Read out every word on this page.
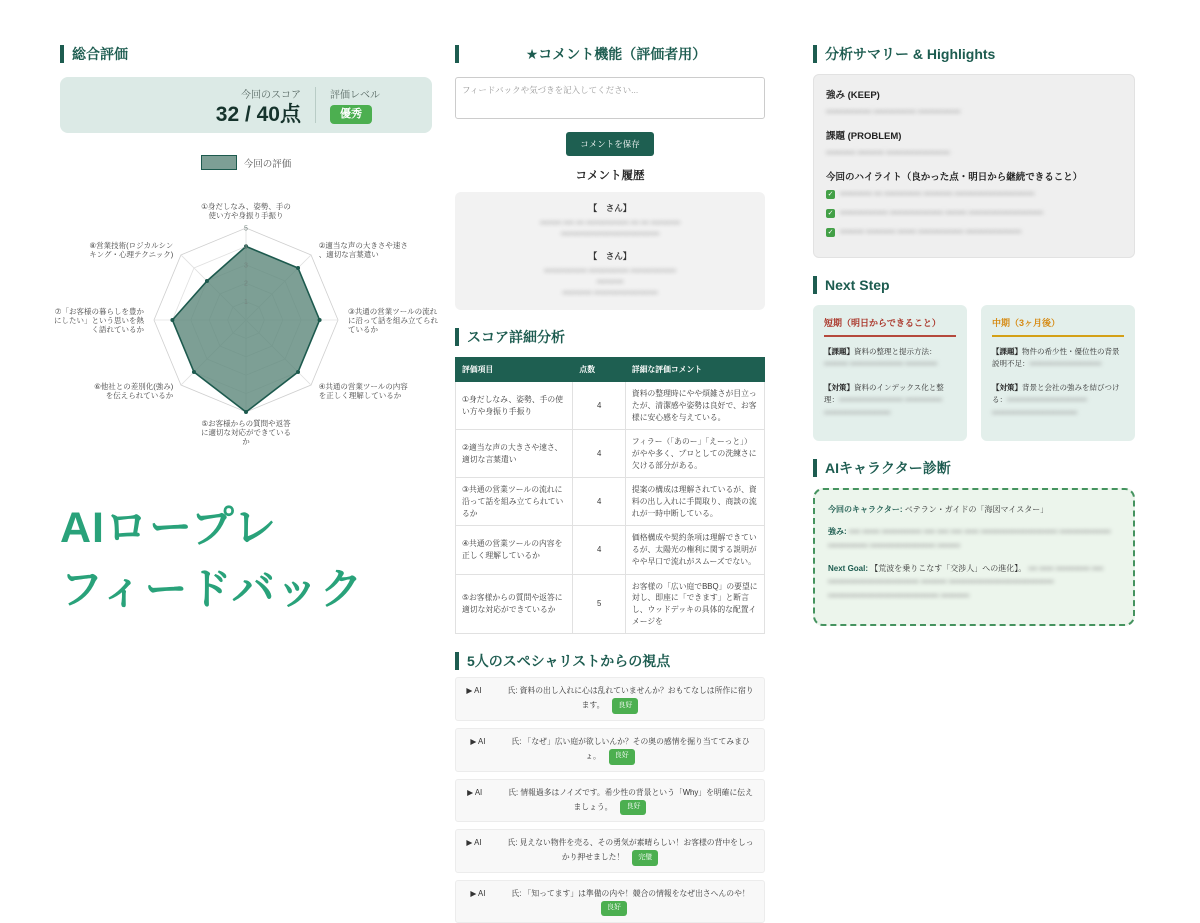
総合評価
今回のスコア
32 / 40点
評価レベル
優秀
今回の評価
1
2
3
4
5
①身だしなみ、姿勢、手の使い方や身振り手振り
②適当な声の大きさや速さ、適切な言葉遣い
③共通の営業ツールの流れに沿って話を組み立てられているか
④共通の営業ツールの内容を正しく理解しているか
⑤お客様からの質問や返答に適切な対応ができているか
⑥他社との差別化(強み)を伝えられているか
⑦「お客様の暮らしを豊かにしたい」という思いを熱く語れているか
⑧営業技術(ロジカルシンキング・心理テクニック)
AIロープレ
フィードバック
★コメント機能（評価者用）
フィードバックや気づきを記入してください...
コメントを保存
コメント履歴
【　さん】
▪▪▪▪▪▪▪▪ ▪▪▪▪ ▪▪▪ ▪▪▪▪▪▪▪▪▪▪▪▪▪▪▪▪ ▪▪▪ ▪▪▪ ▪▪▪▪▪▪▪▪▪▪▪
▪▪▪▪▪▪▪▪▪▪▪▪▪▪▪▪▪▪▪▪▪▪▪▪▪▪▪▪▪▪▪▪▪▪▪▪▪
【　さん】
▪▪▪▪▪▪▪▪▪▪▪▪▪▪▪▪ ▪▪▪▪▪▪▪▪▪▪▪▪▪▪▪ ▪▪▪▪▪▪▪▪▪▪▪▪▪▪▪▪▪
▪▪▪▪▪▪▪▪▪▪
▪▪▪▪▪▪▪▪▪▪▪ ▪▪▪▪▪▪▪▪▪▪▪▪▪▪▪▪▪▪▪▪▪▪▪▪
スコア詳細分析
評価項目	点数	詳細な評価コメント
①身だしなみ、姿勢、手の使い方や身振り手振り	4	資料の整理時にやや煩雑さが目立ったが、清潔感や姿勢は良好で、お客様に安心感を与えている。
②適当な声の大きさや速さ、適切な言葉遣い	4	フィラー（「あのー」「えーっと」）がやや多く、プロとしての洗練さに欠ける部分がある。
③共通の営業ツールの流れに沿って話を組み立てられているか	4	提案の構成は理解されているが、資料の出し入れに手間取り、商談の流れが一時中断している。
④共通の営業ツールの内容を正しく理解しているか	4	価格構成や契約条項は理解できているが、太陽光の権利に関する説明がやや早口で流れがスムーズでない。
⑤お客様からの質問や返答に適切な対応ができているか	5	お客様の「広い庭でBBQ」の要望に対し、即座に「できます」と断言し、ウッドデッキの具体的な配置イメージを
5人のスペシャリストからの視点
▶ AI	氏: 資料の出し入れに心は乱れていませんか？おもてなしは所作に宿ります。 良好
▶ AI	氏: 「なぜ」広い庭が欲しいんか？その奥の感情を掘り当ててみまひょ。 良好
▶ AI	氏: 情報過多はノイズです。希少性の背景という「Why」を明確に伝えましょう。 良好
▶ AI	氏: 見えない物件を売る、その勇気が素晴らしい！お客様の背中をしっかり押せました！ 完璧
▶ AI	氏: 「知ってます」は準備の内や！競合の情報をなぜ出さへんのや！良好
分析サマリー & Highlights
強み (KEEP)
▪▪▪▪▪▪▪▪▪▪▪▪▪▪▪▪▪ ▪▪▪▪▪▪▪▪▪▪▪▪▪▪▪▪ ▪▪▪▪▪▪▪▪▪▪▪▪▪▪▪▪
課題 (PROBLEM)
▪▪▪▪▪▪▪▪▪▪▪ ▪▪▪▪▪▪▪▪▪▪ ▪▪▪▪▪▪▪▪▪▪▪▪▪▪▪▪▪▪▪▪▪▪▪▪
今回のハイライト（良かった点・明日から継続できること）
✓ ▪▪▪▪▪▪▪▪▪▪▪▪ ▪▪▪ ▪▪▪▪▪▪▪▪▪▪▪▪▪▪ ▪▪▪▪▪▪▪▪▪▪▪ ▪▪▪▪▪▪▪▪▪▪▪▪▪▪▪▪▪▪▪▪▪▪▪▪▪▪▪▪▪▪
✓ ▪▪▪▪▪▪▪▪▪▪▪▪▪▪▪▪▪▪ ▪▪▪▪▪▪▪▪▪▪▪▪▪▪▪▪▪▪▪▪ ▪▪▪▪▪▪▪▪ ▪▪▪▪▪▪▪▪▪▪▪▪▪▪▪▪▪▪▪▪▪▪▪▪▪▪▪▪
✓ ▪▪▪▪▪▪▪▪▪ ▪▪▪▪▪▪▪▪▪▪▪ ▪▪▪▪▪▪▪ ▪▪▪▪▪▪▪▪▪▪▪▪▪▪▪▪▪ ▪▪▪▪▪▪▪▪▪▪▪▪▪▪▪▪▪▪▪▪▪
Next Step
短期（明日からできること）
【課題】資料の整理と提示方法：▪▪▪▪▪▪▪▪▪ ▪▪▪▪▪▪▪▪▪▪▪▪▪▪▪▪▪▪▪▪ ▪▪▪▪▪▪▪▪▪▪▪▪
【対策】資料のインデックス化と整理：▪▪▪▪▪▪▪▪▪▪▪▪▪▪▪▪▪▪▪▪▪▪▪▪ ▪▪▪▪▪▪▪▪▪▪▪▪▪▪ ▪▪▪▪▪▪▪▪▪▪▪▪▪▪▪▪▪▪▪▪▪▪▪▪▪
中期（3ヶ月後）
【課題】物件の希少性・優位性の背景説明不足：▪▪▪▪▪▪▪▪▪▪▪▪▪▪▪▪▪▪▪▪▪▪▪▪▪▪▪
【対策】背景と会社の強みを結びつける：▪▪▪▪▪▪▪▪▪▪▪▪▪▪▪▪▪▪▪▪▪▪▪▪▪▪▪▪▪▪ ▪▪▪▪▪▪▪▪▪▪▪▪▪▪▪▪▪▪▪▪▪▪▪▪▪▪▪▪▪▪▪▪
AIキャラクター診断
今回のキャラクター: ベテラン・ガイドの「海図マイスター」
強み: ▪▪▪▪ ▪▪▪▪▪▪ ▪▪▪▪▪▪▪▪▪▪▪▪▪▪ ▪▪▪▪ ▪▪▪▪ ▪▪▪▪ ▪▪▪▪▪ ▪▪▪▪▪▪▪▪▪▪▪▪▪▪▪▪▪▪▪▪▪▪▪▪▪▪▪ ▪▪▪▪▪▪▪▪▪▪▪▪▪▪▪▪▪▪ ▪▪▪▪▪▪▪▪▪▪▪▪▪▪ ▪▪▪▪▪▪▪▪▪▪▪▪▪▪▪▪▪▪▪▪▪▪▪ ▪▪▪▪▪▪▪▪
Next Goal: 【荒波を乗りこなす「交渉人」への進化】。 ▪▪▪ ▪▪▪▪▪ ▪▪▪▪▪▪▪▪▪▪▪▪ ▪▪▪▪ ▪▪▪▪▪▪▪▪▪▪▪▪▪▪▪▪▪▪▪▪▪▪▪▪▪▪▪▪▪▪▪▪ ▪▪▪▪▪▪▪▪▪ ▪▪▪▪▪▪▪▪▪▪▪▪▪▪▪▪▪▪▪▪▪▪▪▪▪▪▪▪▪▪▪▪▪▪▪▪▪ ▪▪▪▪▪▪▪▪▪▪▪▪▪▪▪▪▪▪▪▪▪▪▪▪▪▪▪▪▪▪▪▪▪▪▪▪▪▪▪ ▪▪▪▪▪▪▪▪▪▪
